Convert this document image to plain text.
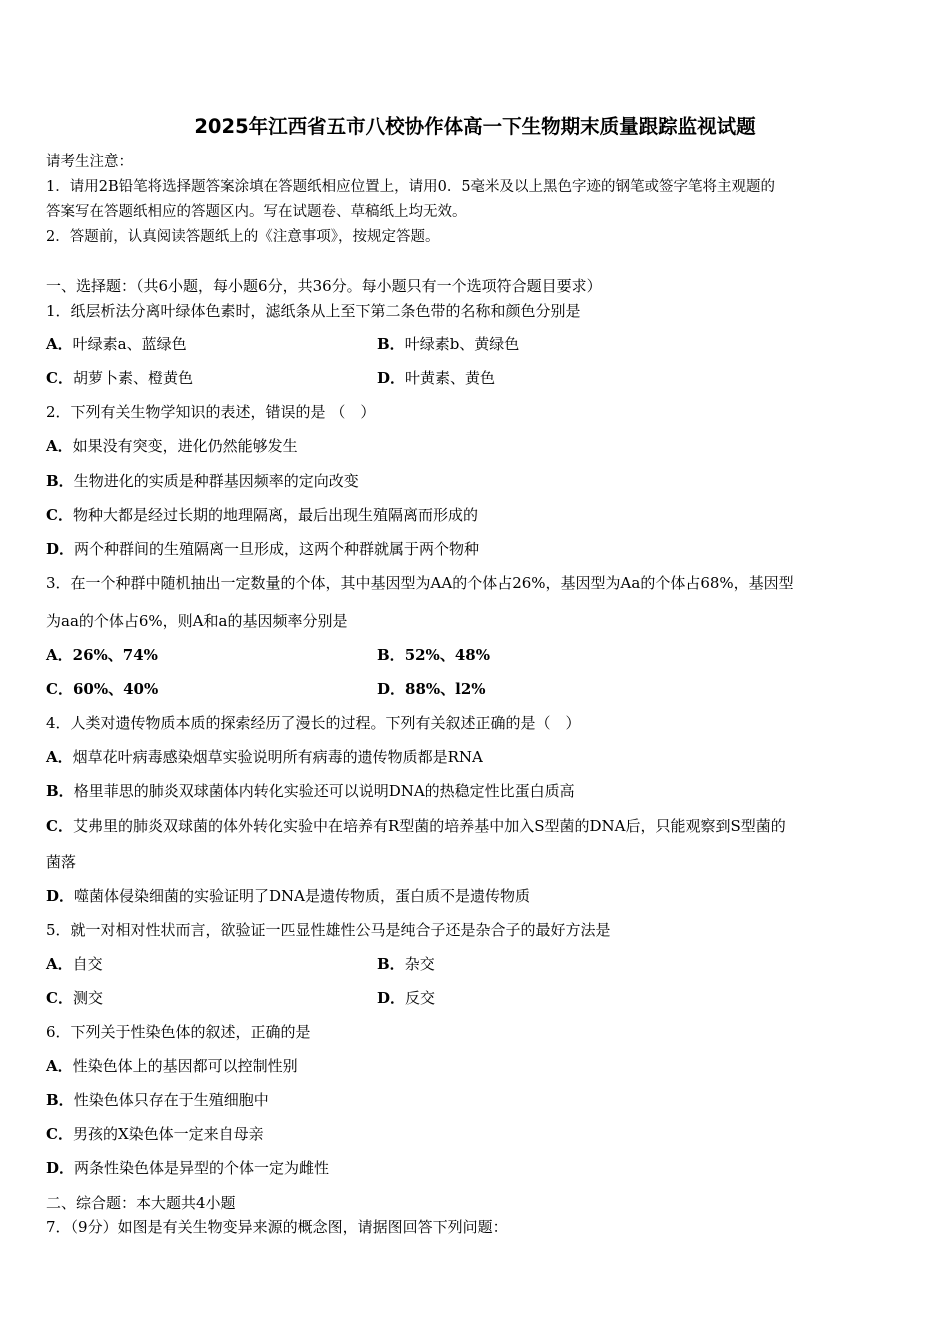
2025年江西省五市八校协作体高一下生物期末质量跟踪监视试题
请考生注意：
1．请用2B铅笔将选择题答案涂填在答题纸相应位置上，请用0．5毫米及以上黑色字迹的钢笔或签字笔将主观题的
答案写在答题纸相应的答题区内。写在试题卷、草稿纸上均无效。
2．答题前，认真阅读答题纸上的《注意事项》，按规定答题。
一、选择题：（共6小题，每小题6分，共36分。每小题只有一个选项符合题目要求）
1．纸层析法分离叶绿体色素时，滤纸条从上至下第二条色带的名称和颜色分别是
A．叶绿素a、蓝绿色	B．叶绿素b、黄绿色
C．胡萝卜素、橙黄色	D．叶黄素、黄色
2．下列有关生物学知识的表述，错误的是 （　）
A．如果没有突变，进化仍然能够发生
B．生物进化的实质是种群基因频率的定向改变
C．物种大都是经过长期的地理隔离，最后出现生殖隔离而形成的
D．两个种群间的生殖隔离一旦形成，这两个种群就属于两个物种
3．在一个种群中随机抽出一定数量的个体，其中基因型为AA的个体占26%，基因型为Aa的个体占68%，基因型
为aa的个体占6%，则A和a的基因频率分别是
A．26%、74%	B．52%、48%
C．60%、40%	D．88%、l2%
4．人类对遗传物质本质的探索经历了漫长的过程。下列有关叙述正确的是（　）
A．烟草花叶病毒感染烟草实验说明所有病毒的遗传物质都是RNA
B．格里菲思的肺炎双球菌体内转化实验还可以说明DNA的热稳定性比蛋白质高
C．艾弗里的肺炎双球菌的体外转化实验中在培养有R型菌的培养基中加入S型菌的DNA后，只能观察到S型菌的
菌落
D．噬菌体侵染细菌的实验证明了DNA是遗传物质，蛋白质不是遗传物质
5．就一对相对性状而言，欲验证一匹显性雄性公马是纯合子还是杂合子的最好方法是
A．自交	B．杂交
C．测交	D．反交
6．下列关于性染色体的叙述，正确的是
A．性染色体上的基因都可以控制性别
B．性染色体只存在于生殖细胞中
C．男孩的X染色体一定来自母亲
D．两条性染色体是异型的个体一定为雌性
二、综合题：本大题共4小题
7．（9分）如图是有关生物变异来源的概念图，请据图回答下列问题：
